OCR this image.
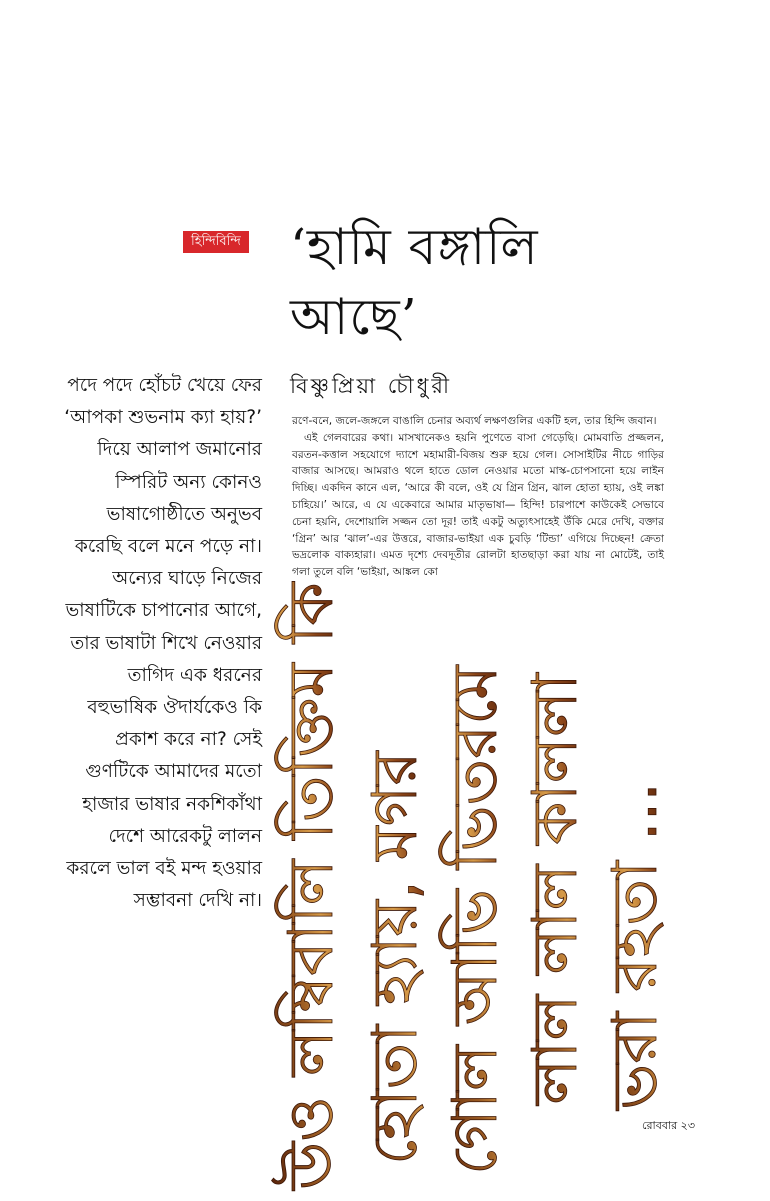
হিন্দিবিন্দি ‘হামি বঙ্গালি আছে’

বিষ্ণুপ্রিয়া চৌধুরী

পদে পদে হোঁচট খেয়ে ফের ‘আপকা শুভনাম ক্যা হায়?’ দিয়ে আলাপ জমানোর স্পিরিট অন্য কোনও ভাষাগোষ্ঠীতে অনুভব করেছি বলে মনে পড়ে না। অন্যের ঘাড়ে নিজের ভাষাটিকে চাপানোর আগে, তার ভাষাটা শিখে নেওয়ার তাগিদ এক ধরনের বহুভাষিক ঔদার্যকেও কি প্রকাশ করে না? সেই গুণটিকে আমাদের মতো হাজার ভাষার নকশিকাঁথা দেশে আরেকটু লালন করলে ভাল বই মন্দ হওয়ার সম্ভাবনা দেখি না।

রণে-বনে, জলে-জঙ্গলে বাঙালি চেনার অব্যর্থ লক্ষণগুলির একটি হল, তার হিন্দি জবান।

এই গেলবারের কথা। মাসখানেকও হয়নি পুণেতে বাসা গেড়েছি। মোমবাতি প্রজ্জলন, বরতন-কত্তাল সহযোগে দ্যাশে মহামারী-বিজয় শুরু হয়ে গেল। সোসাইটির নীচে গাড়ির বাজার আসছে। আমরাও থলে হাতে ডোল নেওয়ার মতো মাস্ক-চোপসানো হয়ে লাইন দিচ্ছি। একদিন কানে এল, ‘আরে কী বলে, ওই যে গ্রিন গ্রিন, ঝাল হোতা হ্যায়, ওই লঙ্কা চাহিয়ে।’ আরে, এ যে একেবারে আমার মাতৃভাষা— হিন্দি! চারপাশে কাউকেই সেভাবে চেনা হয়নি, দেশোয়ালি সজ্জন তো দূর! তাই একটু অত্যুৎসাহেই উঁকি মেরে দেখি, বক্তার ‘গ্রিন’ আর ‘ঝাল’-এর উত্তরে, বাজার-ভাইয়া এক চুবড়ি ‘টিন্ডা’ এগিয়ে দিচ্ছেন! ক্রেতা ভদ্রলোক বাক্যহারা। এমত দৃশ্যে দেবদূতীর রোলটা হাতছাড়া করা যায় না মোটেই, তাই গলা তুলে বলি ‘ভাইয়া, আঙ্কল কো

উও লম্বিবালি তিক্তিম কি হোতা হ্যায়, মগর গোল আভি ভিতরমে লাল লাল কাললা ভরা রহতা ...
রোববার ২৩
